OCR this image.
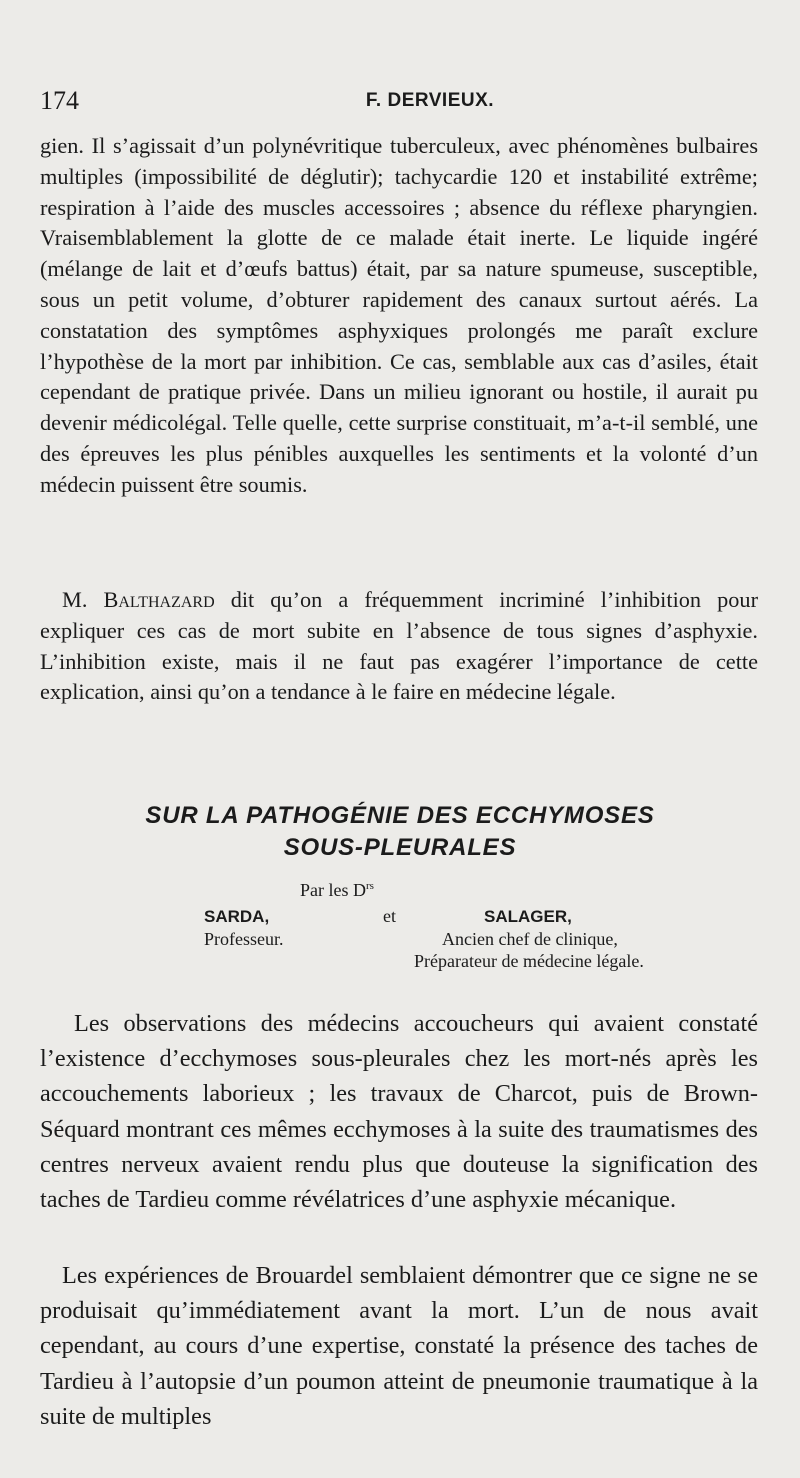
174	F. DERVIEUX.

gien. Il s’agissait d’un polynévritique tuberculeux, avec phénomènes bulbaires multiples (impossibilité de déglutir); tachycardie 120 et instabilité extrême; respiration à l’aide des muscles accessoires ; absence du réflexe pharyngien. Vraisemblablement la glotte de ce malade était inerte. Le liquide ingéré (mélange de lait et d’œufs battus) était, par sa nature spumeuse, susceptible, sous un petit volume, d’obturer rapidement des canaux surtout aérés. La constatation des symptômes asphyxiques prolongés me paraît exclure l’hypothèse de la mort par inhibition. Ce cas, semblable aux cas d’asiles, était cependant de pratique privée. Dans un milieu ignorant ou hostile, il aurait pu devenir médicolégal. Telle quelle, cette surprise constituait, m’a-t-il semblé, une des épreuves les plus pénibles auxquelles les sentiments et la volonté d’un médecin puissent être soumis.

M. Balthazard dit qu’on a fréquemment incriminé l’inhibition pour expliquer ces cas de mort subite en l’absence de tous signes d’asphyxie. L’inhibition existe, mais il ne faut pas exagérer l’importance de cette explication, ainsi qu’on a tendance à le faire en médecine légale.

SUR LA PATHOGÉNIE DES ECCHYMOSES
SOUS-PLEURALES
Par les $D^{rs}$
SARDA,
Professeur.
et	SALAGER,
Ancien chef de clinique,
Préparateur de médecine légale.

Les observations des médecins accoucheurs qui avaient constaté l’existence d’ecchymoses sous-pleurales chez les mort-nés après les accouchements laborieux ; les travaux de Charcot, puis de Brown-Séquard montrant ces mêmes ecchymoses à la suite des traumatismes des centres nerveux avaient rendu plus que douteuse la signification des taches de Tardieu comme révélatrices d’une asphyxie mécanique.

Les expériences de Brouardel semblaient démontrer que ce signe ne se produisait qu’immédiatement avant la mort. L’un de nous avait cependant, au cours d’une expertise, constaté la présence des taches de Tardieu à l’autopsie d’un poumon atteint de pneumonie traumatique à la suite de multiples
